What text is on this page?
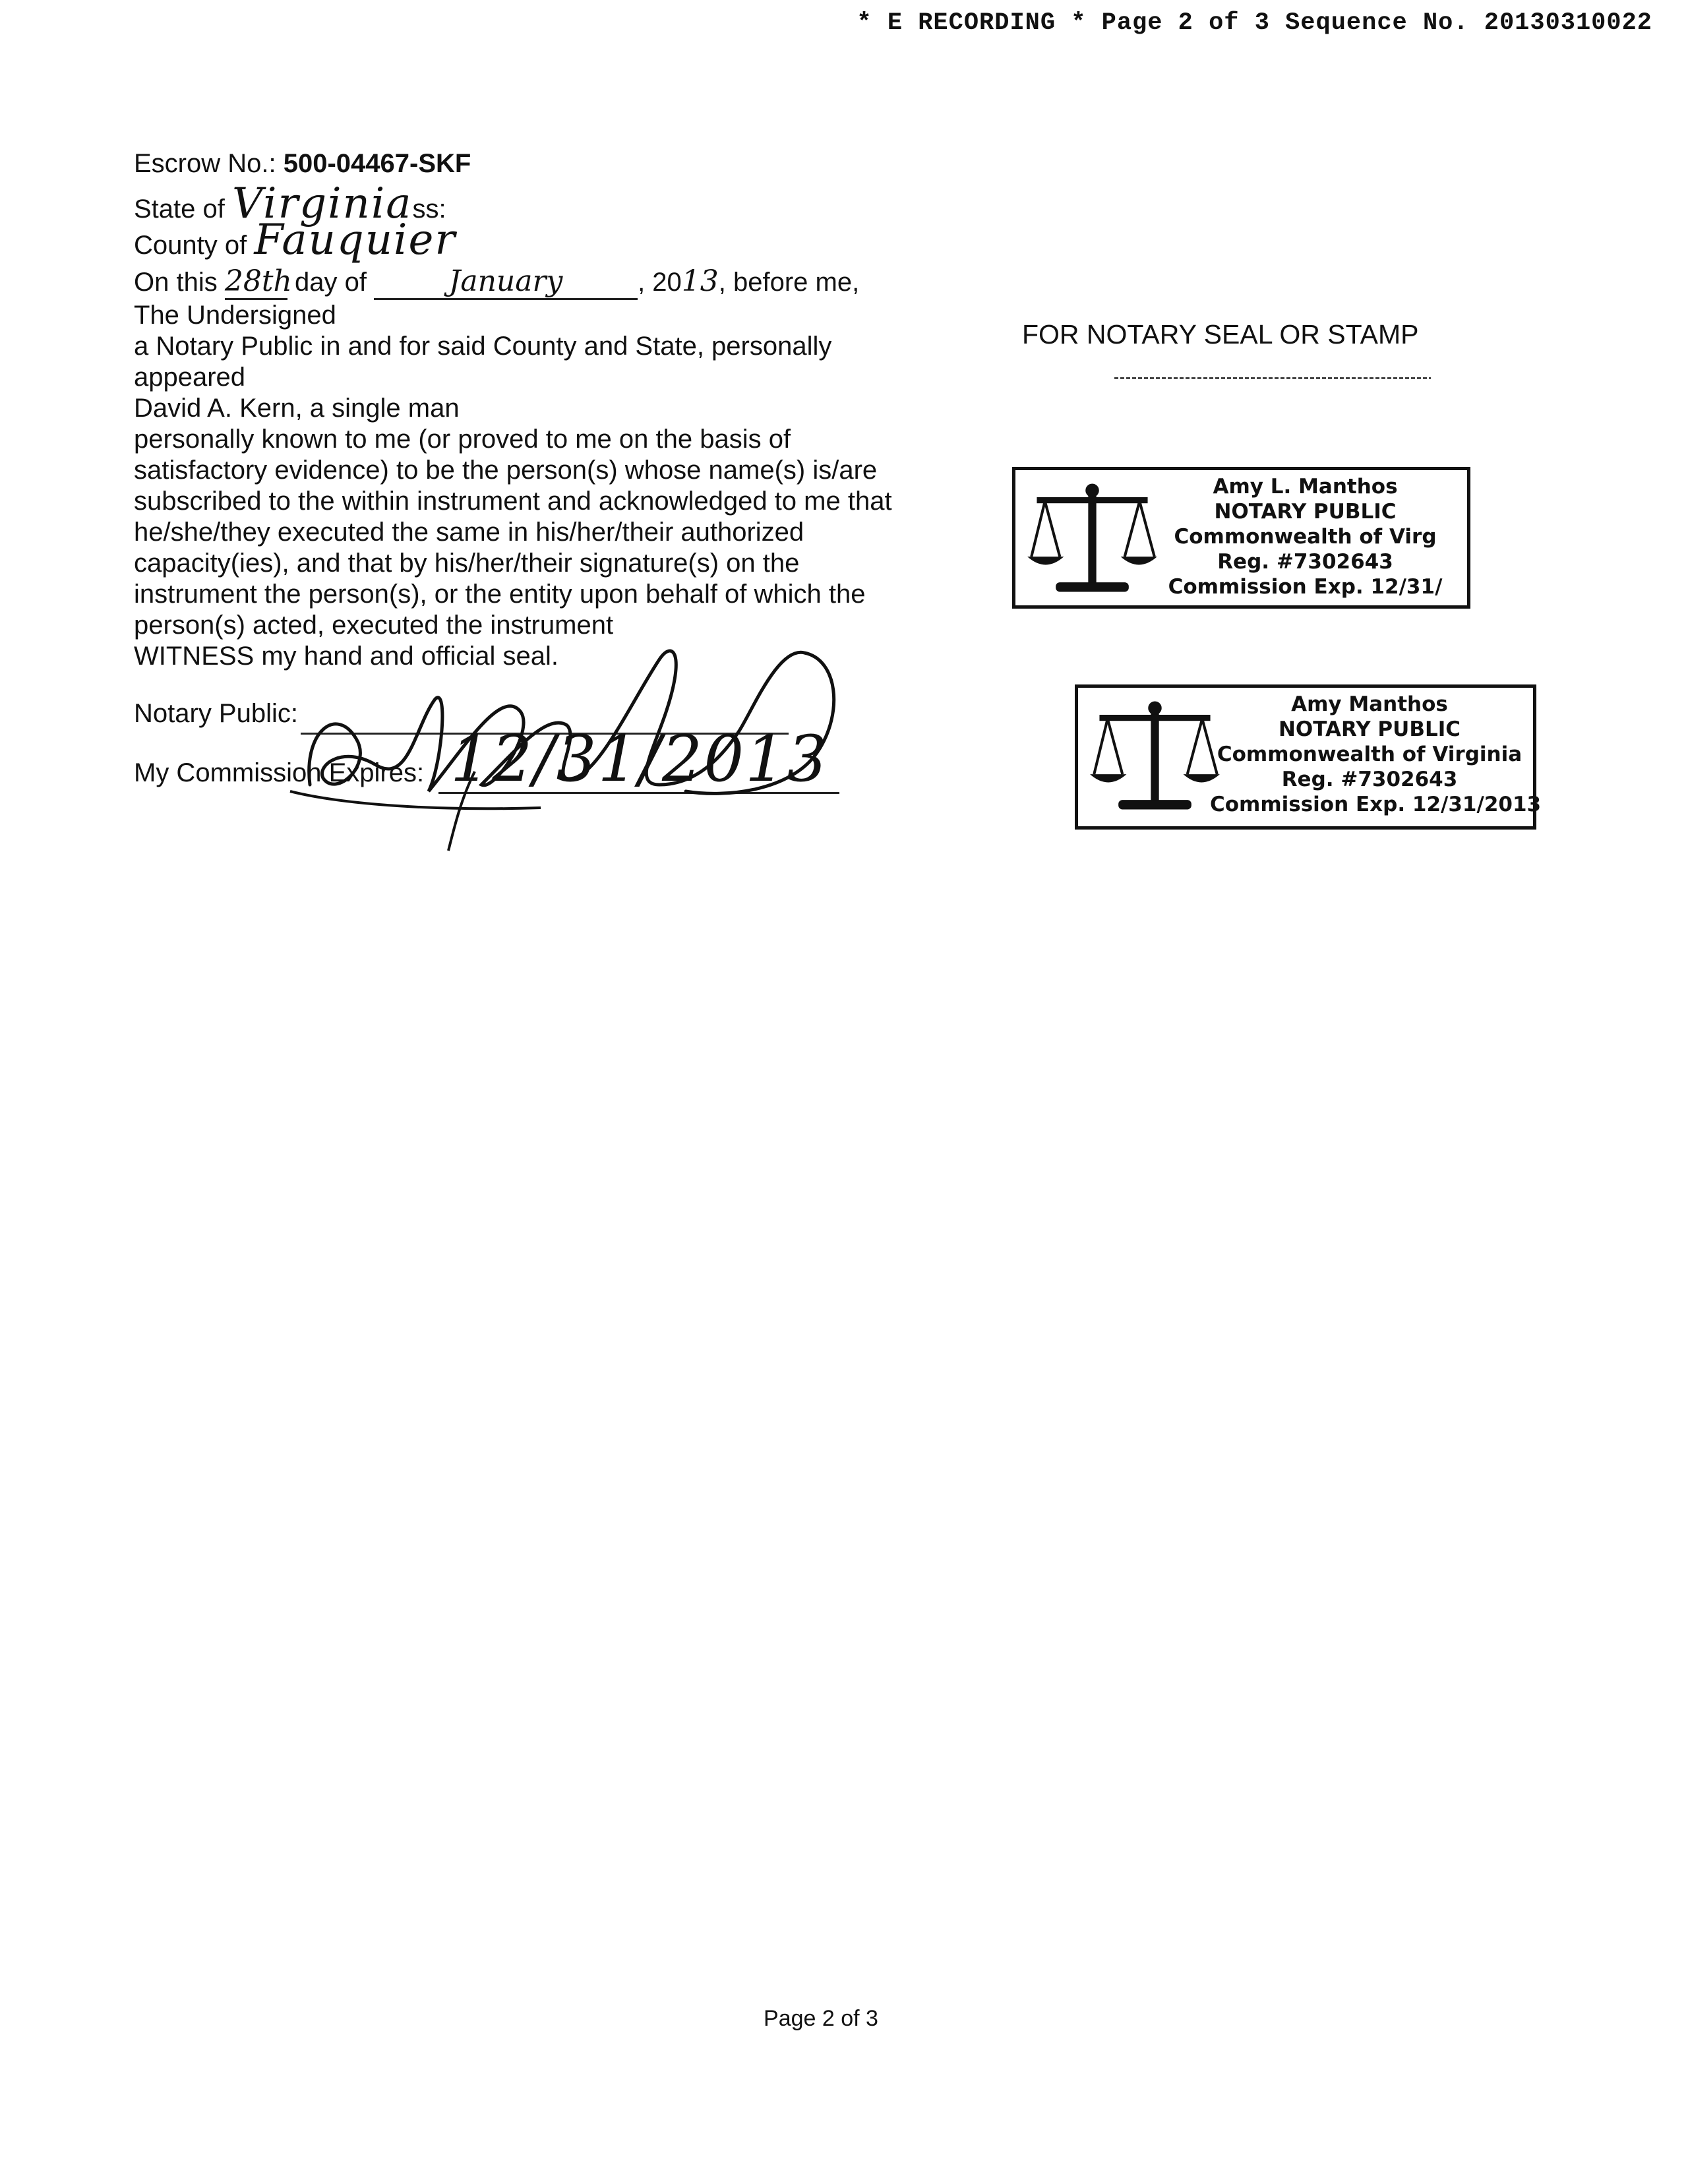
* E RECORDING * Page 2 of 3 Sequence No. 20130310022
Escrow No.: 500-04467-SKF
State of Virginiass:
County of Fauquier
On this 28th day of	January	, 2013, before me,

The Undersigned

a Notary Public in and for said County and State, personally

appeared

David A. Kern, a single man

personally known to me (or proved to me on the basis of

satisfactory evidence) to be the person(s) whose name(s) is/are

subscribed to the within instrument and acknowledged to me that

he/she/they executed the same in his/her/their authorized

capacity(ies), and that by his/her/their signature(s) on the

instrument the person(s), or the entity upon behalf of which the

person(s) acted, executed the instrument

WITNESS my hand and official seal.

Notary Public:
My Commission Expires: 12/31/2013
FOR NOTARY SEAL OR STAMP
Amy L. Manthos
NOTARY PUBLIC
Commonwealth of Virg
Reg. #7302643
Commission Exp. 12/31/
Amy Manthos
NOTARY PUBLIC
Commonwealth of Virginia
Reg. #7302643
Commission Exp. 12/31/2013
Page 2 of 3
